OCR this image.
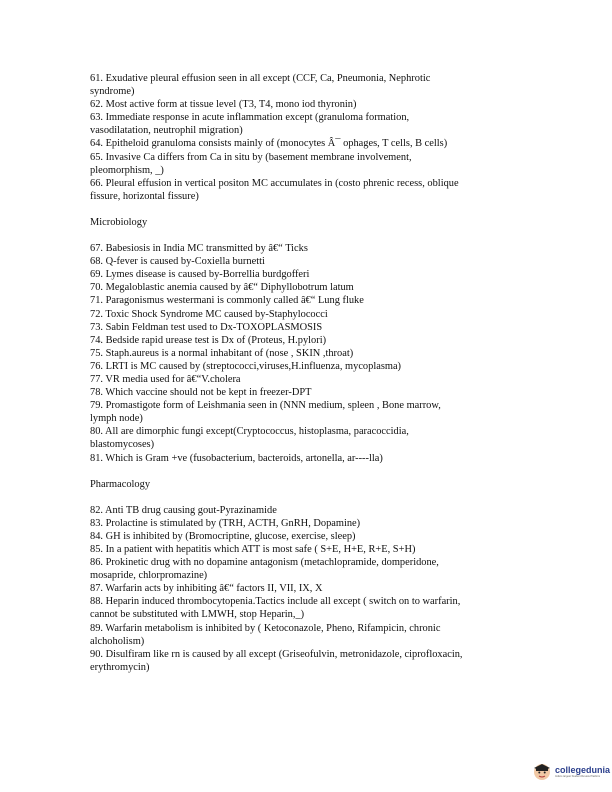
61. Exudative pleural effusion seen in all except (CCF, Ca, Pneumonia, Nephrotic

syndrome)

62. Most active form at tissue level (T3, T4, mono iod thyronin)

63. Immediate response in acute inflammation except (granuloma formation,

vasodilatation, neutrophil migration)

64. Epitheloid granuloma consists mainly of (monocytes Â¯ ophages, T cells, B cells)

65. Invasive Ca differs from Ca in situ by (basement membrane involvement,

pleomorphism, _)

66. Pleural effusion in vertical positon MC accumulates in (costo phrenic recess, oblique

fissure, horizontal fissure)

Microbiology

67. Babesiosis in India MC transmitted by â€“ Ticks

68. Q-fever is caused by-Coxiella burnetti

69. Lymes disease is caused by-Borrellia burdgofferi

70. Megaloblastic anemia caused by â€“ Diphyllobotrum latum

71. Paragonismus westermani is commonly called â€“ Lung fluke

72. Toxic Shock Syndrome MC caused by-Staphylococci

73. Sabin Feldman test used to Dx-TOXOPLASMOSIS

74. Bedside rapid urease test is Dx of (Proteus, H.pylori)

75. Staph.aureus is a normal inhabitant of (nose , SKIN ,throat)

76. LRTI is MC caused by (streptococci,viruses,H.influenza, mycoplasma)

77. VR media used for â€“V.cholera

78. Which vaccine should not be kept in freezer-DPT

79. Promastigote form of Leishmania seen in (NNN medium, spleen , Bone marrow,

lymph node)

80. All are dimorphic fungi except(Cryptococcus, histoplasma, paracoccidia,

blastomycoses)

81. Which is Gram +ve (fusobacterium, bacteroids, artonella, ar----lla)

Pharmacology

82. Anti TB drug causing gout-Pyrazinamide

83. Prolactine is stimulated by (TRH, ACTH, GnRH, Dopamine)

84. GH is inhibited by (Bromocriptine, glucose, exercise, sleep)

85. In a patient with hepatitis which ATT is most safe ( S+E, H+E, R+E, S+H)

86. Prokinetic drug with no dopamine antagonism (metachlopramide, domperidone,

mosapride, chlorpromazine)

87. Warfarin acts by inhibiting â€“ factors II, VII, IX, X

88. Heparin induced thrombocytopenia.Tactics include all except ( switch on to warfarin,

cannot be substituted with LMWH, stop Heparin,_)

89. Warfarin metabolism is inhibited by ( Ketoconazole, Pheno, Rifampicin, chronic

alchoholism)

90. Disulfiram like rn is caused by all except (Griseofulvin, metronidazole, ciprofloxacin,

erythromycin)

collegedunia
India's largest Student Review Platform
